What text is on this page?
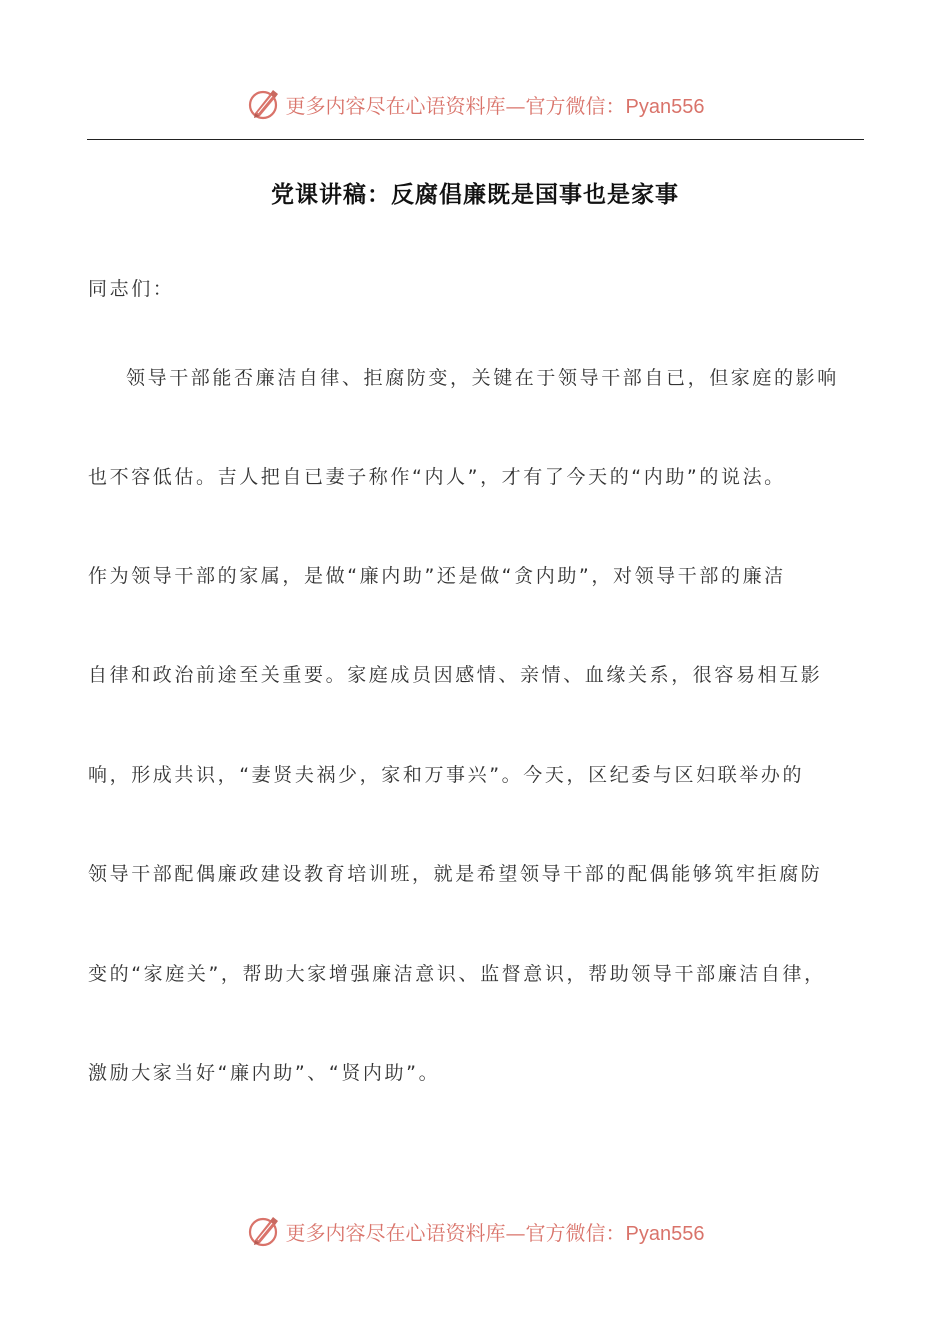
更多内容尽在心语资料库—官方微信：Pyan556
党课讲稿：反腐倡廉既是国事也是家事
同志们：
领导干部能否廉洁自律、拒腐防变，关键在于领导干部自已，但家庭的影响
也不容低估。吉人把自已妻子称作“内人”，才有了今天的“内助”的说法。
作为领导干部的家属，是做“廉内助”还是做“贪内助”，对领导干部的廉洁
自律和政治前途至关重要。家庭成员因感情、亲情、血缘关系，很容易相互影
响，形成共识，“妻贤夫祸少，家和万事兴”。今天，区纪委与区妇联举办的
领导干部配偶廉政建设教育培训班，就是希望领导干部的配偶能够筑牢拒腐防
变的“家庭关”，帮助大家增强廉洁意识、监督意识，帮助领导干部廉洁自律，
激励大家当好“廉内助”、“贤内助”。
更多内容尽在心语资料库—官方微信：Pyan556
